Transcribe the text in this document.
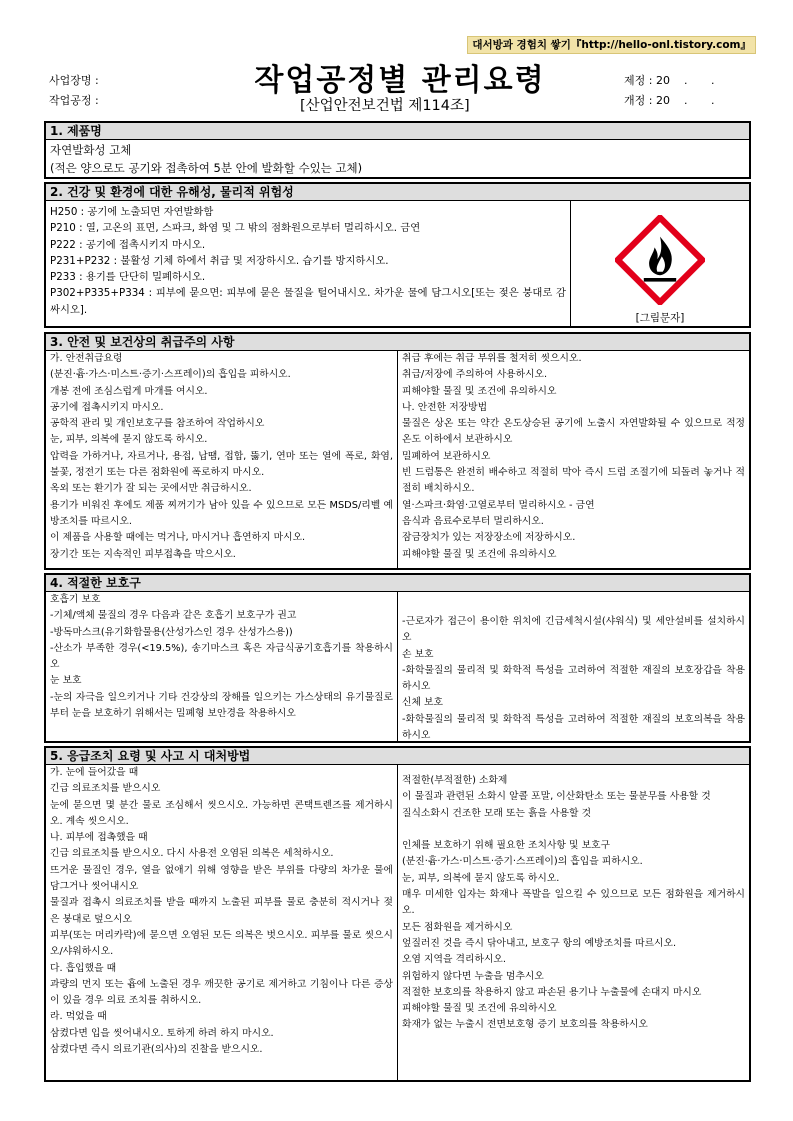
대서방과 경험치 쌓기『http://hello-onl.tistory.com』
사업장명 :
작업공정 :
작업공정별 관리요령
[산업안전보건법 제114조]
제정 : 20 . .
개정 : 20 . .
1. 제품명
자연발화성 고체
(적은 양으로도 공기와 접촉하여 5분 안에 발화할 수있는 고체)
2. 건강 및 환경에 대한 유해성, 물리적 위험성
H250 : 공기에 노출되면 자연발화함
P210 : 열, 고온의 표면, 스파크, 화염 및 그 밖의 점화원으로부터 멀리하시오. 금연
P222 : 공기에 접촉시키지 마시오.
P231+P232 : 불활성 기체 하에서 취급 및 저장하시오. 습기를 방지하시오.
P233 : 용기를 단단히 밀폐하시오.
P302+P335+P334 : 피부에 묻으면: 피부에 묻은 물질을 털어내시오. 차가운 물에 담그시오[또는 젖은 붕대로 감싸시오].
[그림문자]
3. 안전 및 보건상의 취급주의 사항
가. 안전취급요령
(분진·흄·가스·미스트·증기·스프레이)의 흡입을 피하시오.
개봉 전에 조심스럽게 마개를 여시오.
공기에 접촉시키지 마시오.
공학적 관리 및 개인보호구를 참조하여 작업하시오
눈, 피부, 의복에 묻지 않도록 하시오.
압력을 가하거나, 자르거나, 용접, 납땜, 접합, 뚫기, 연마 또는 열에 폭로, 화염, 불꽃, 정전기 또는 다른 점화원에 폭로하지 마시오.
옥외 또는 환기가 잘 되는 곳에서만 취급하시오.
용기가 비워진 후에도 제품 찌꺼기가 남아 있을 수 있으므로 모든 MSDS/리벨 예방조치를 따르시오.
이 제품을 사용할 때에는 먹거나, 마시거나 흡연하지 마시오.
장기간 또는 지속적인 피부접촉을 막으시오.
취급 후에는 취급 부위를 철저히 씻으시오.
취급/저장에 주의하여 사용하시오.
피해야할 물질 및 조건에 유의하시오
나. 안전한 저장방법
물질은 상온 또는 약간 온도상승된 공기에 노출시 자연발화될 수 있으므로 적정온도 이하에서 보관하시오
밀폐하여 보관하시오
빈 드럼통은 완전히 배수하고 적절히 막아 즉시 드럼 조절기에 되돌려 놓거나 적절히 배치하시오.
열·스파크·화염·고열로부터 멀리하시오 - 금연
음식과 음료수로부터 멀리하시오.
잠금장치가 있는 저장장소에 저장하시오.
피해야할 물질 및 조건에 유의하시오
4. 적절한 보호구
호흡기 보호
-기체/액체 물질의 경우 다음과 같은 호흡기 보호구가 권고
-방독마스크(유기화합물용(산성가스인 경우 산성가스용))
-산소가 부족한 경우(<19.5%), 송기마스크 혹은 자급식공기호흡기를 착용하시오
눈 보호
-눈의 자극을 일으키거나 기타 건강상의 장해를 일으키는 가스상태의 유기물질로 부터 눈을 보호하기 위해서는 밀폐형 보안경을 착용하시오
-근로자가 접근이 용이한 위치에 긴급세척시설(샤워식) 및 세안설비를 설치하시오
손 보호
-화학물질의 물리적 및 화학적 특성을 고려하여 적절한 재질의 보호장갑을 착용하시오
신체 보호
-화학물질의 물리적 및 화학적 특성을 고려하여 적절한 재질의 보호의복을 착용하시오
5. 응급조치 요령 및 사고 시 대처방법
가. 눈에 들어갔을 때
긴급 의료조치를 받으시오
눈에 묻으면 몇 분간 물로 조심해서 씻으시오. 가능하면 콘택트렌즈를 제거하시오. 계속 씻으시오.
나. 피부에 접촉했을 때
긴급 의료조치를 받으시오. 다시 사용전 오염된 의복은 세척하시오.
뜨거운 물질인 경우, 열을 없애기 위해 영향을 받은 부위를 다량의 차가운 물에 담그거나 씻어내시오
물질과 접촉시 의료조치를 받을 때까지 노출된 피부를 물로 충분히 적시거나 젖은 붕대로 덮으시오
피부(또는 머리카락)에 묻으면 오염된 모든 의복은 벗으시오. 피부를 물로 씻으시오/샤워하시오.
다. 흡입했을 때
과량의 먼지 또는 흄에 노출된 경우 깨끗한 공기로 제거하고 기침이나 다른 증상이 있을 경우 의료 조치를 취하시오.
라. 먹었을 때
삼켰다면 입을 씻어내시오. 토하게 하려 하지 마시오.
삼켰다면 즉시 의료기관(의사)의 진찰을 받으시오.
적절한(부적절한) 소화제
이 물질과 관련된 소화시 알콜 포말, 이산화탄소 또는 물분무를 사용할 것
질식소화시 건조한 모래 또는 흙을 사용할 것
인체를 보호하기 위해 필요한 조치사항 및 보호구
(분진·흄·가스·미스트·증기·스프레이)의 흡입을 피하시오.
눈, 피부, 의복에 묻지 않도록 하시오.
매우 미세한 입자는 화재나 폭발을 일으킬 수 있으므로 모든 점화원을 제거하시오.
모든 점화원을 제거하시오
엎질러진 것을 즉시 닦아내고, 보호구 항의 예방조치를 따르시오.
오염 지역을 격리하시오.
위험하지 않다면 누출을 멈추시오
적절한 보호의를 착용하지 않고 파손된 용기나 누출물에 손대지 마시오
피해야할 물질 및 조건에 유의하시오
화재가 없는 누출시 전면보호형 증기 보호의를 착용하시오
